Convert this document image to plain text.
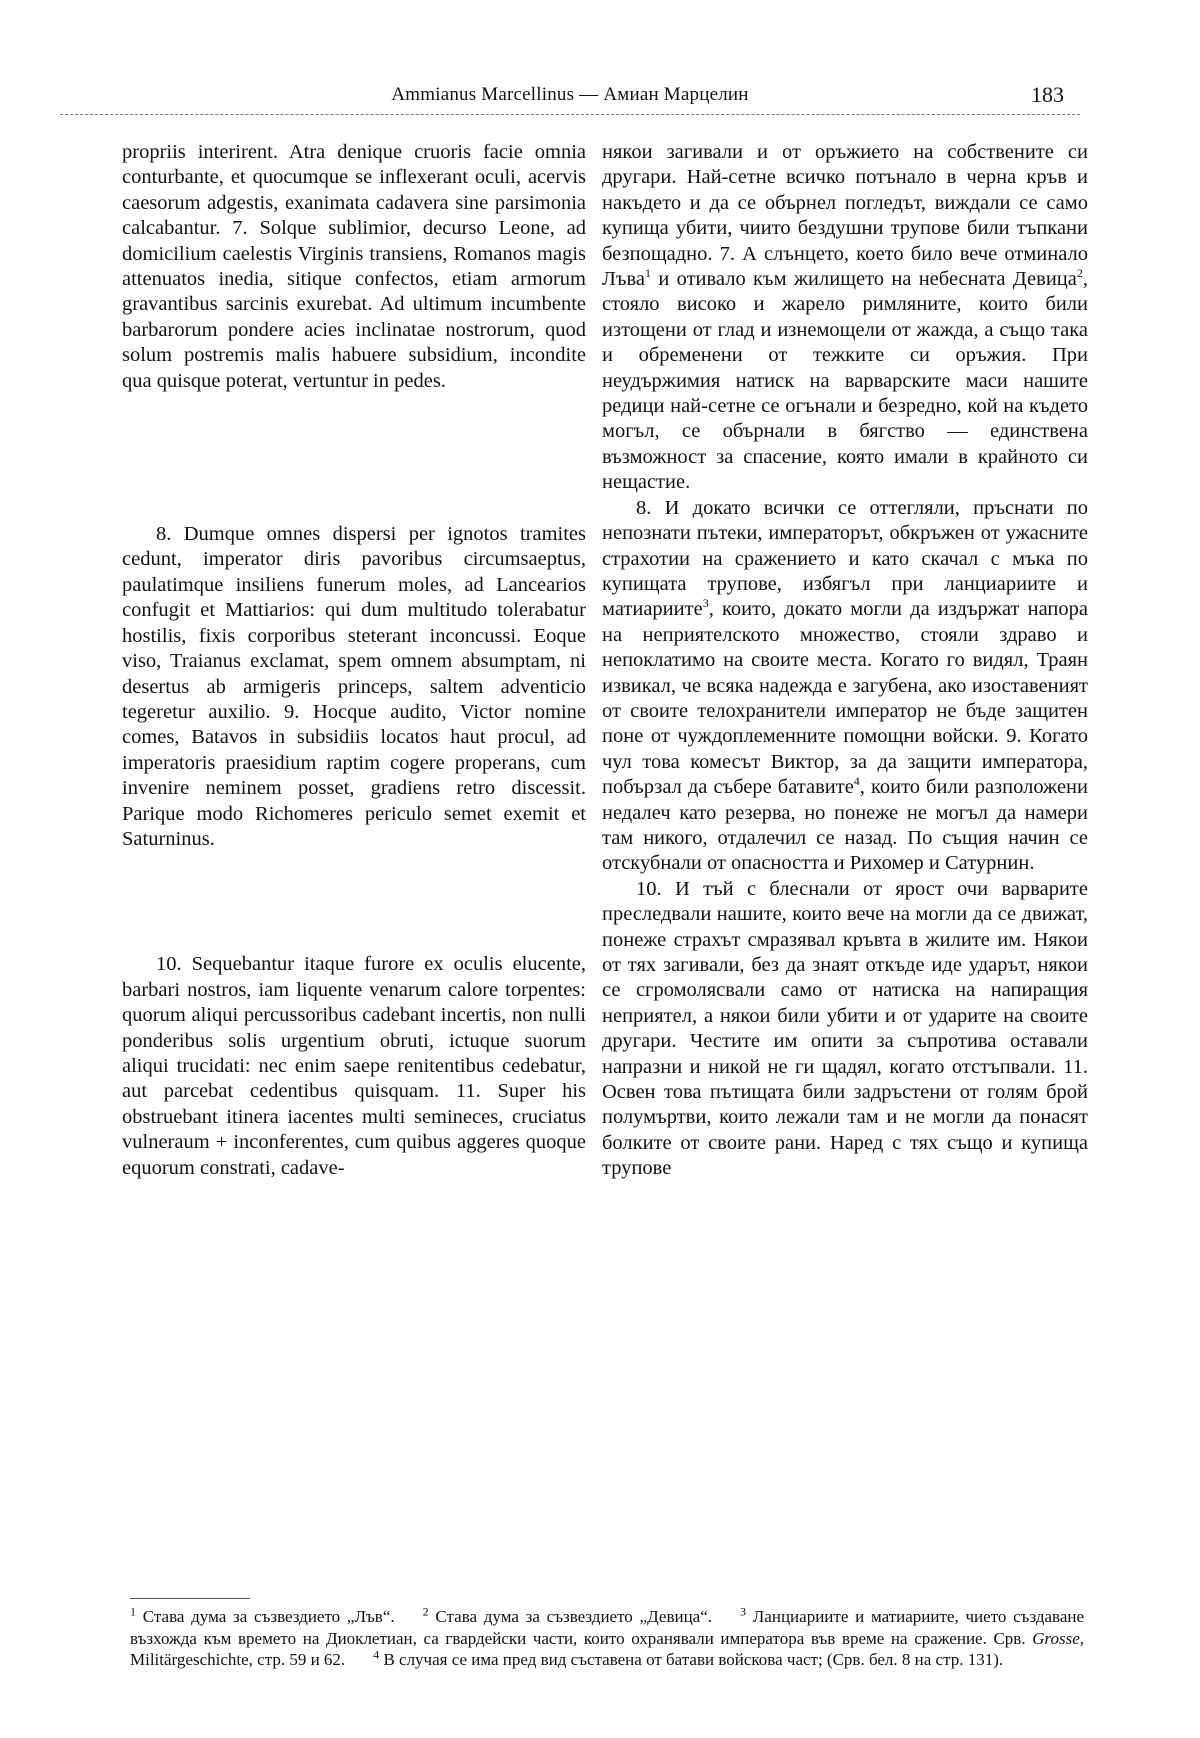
Ammianus Marcellinus — Амиан Марцелин	183

propriis interirent. Atra denique cruoris facie omnia conturbante, et quocumque se inflexerant oculi, acervis caesorum adgestis, exanimata cadavera sine parsimonia calcabantur. 7. Solque sublimior, decurso Leone, ad domicilium caelestis Virginis transiens, Romanos magis attenuatos inedia, sitique confectos, etiam armorum gravantibus sarcinis exurebat. Ad ultimum incumbente barbarorum pondere acies inclinatae nostrorum, quod solum postremis malis habuere subsidium, incondite qua quisque poterat, vertuntur in pedes.

8. Dumque omnes dispersi per ignotos tramites cedunt, imperator diris pavoribus circumsaeptus, paulatimque insiliens funerum moles, ad Lancearios confugit et Mattiarios: qui dum multitudo tolerabatur hostilis, fixis corporibus steterant inconcussi. Eoque viso, Traianus exclamat, spem omnem absumptam, ni desertus ab armigeris princeps, saltem adventicio tegeretur auxilio. 9. Hocque audito, Victor nomine comes, Batavos in subsidiis locatos haut procul, ad imperatoris praesidium raptim cogere properans, cum invenire neminem posset, gradiens retro discessit. Parique modo Richomeres periculo semet exemit et Saturninus.

10. Sequebantur itaque furore ex oculis elucente, barbari nostros, iam liquente venarum calore torpentes: quorum aliqui percussoribus cadebant incertis, non nulli ponderibus solis urgentium obruti, ictuque suorum aliqui trucidati: nec enim saepe renitentibus cedebatur, aut parcebat cedentibus quisquam. 11. Super his obstruebant itinera iacentes multi semineces, cruciatus vulneraum + inconferentes, cum quibus aggeres quoque equorum constrati, cadave-

някои загивали и от оръжието на собствените си другари. Най-сетне всичко потънало в черна кръв и накъдето и да се обърнел погледът, виждали се само купища убити, чиито бездушни трупове били тъпкани безпощадно. 7. А слънцето, което било вече отминало Лъва$^1$ и отивало към жилището на небесната Девица$^2$, стояло високо и жарело римляните, които били изтощени от глад и изнемощели от жажда, а също така и обременени от тежките си оръжия. При неудържимия натиск на варварските маси нашите редици най-сетне се огънали и безредно, кой на където могъл, се обърнали в бягство — единствена възможност за спасение, която имали в крайното си нещастие.

8. И докато всички се оттегляли, пръснати по непознати пътеки, императорът, обкръжен от ужасните страхотии на сражението и като скачал с мъка по купищата трупове, избягъл при ланциариите и матиариите$^3$, които, докато могли да издържат напора на неприятелското множество, стояли здраво и непоклатимо на своите места. Когато го видял, Траян извикал, че всяка надежда е загубена, ако изоставеният от своите телохранители император не бъде защитен поне от чуждоплеменните помощни войски. 9. Когато чул това комесът Виктор, за да защити императора, побързал да събере батавите$^4$, които били разположени недалеч като резерва, но понеже не могъл да намери там никого, отдалечил се назад. По същия начин се отскубнали от опасността и Рихомер и Сатурнин.

10. И тъй с блеснали от ярост очи варварите преследвали нашите, които вече на могли да се движат, понеже страхът смразявал кръвта в жилите им. Някои от тях загивали, без да знаят откъде иде ударът, някои се сгромолясвали само от натиска на напиращия неприятел, а някои били убити и от ударите на своите другари. Честите им опити за съпротива оставали напразни и никой не ги щадял, когато отстъпвали. 11. Освен това пътищата били задръстени от голям брой полумъртви, които лежали там и не могли да понасят болките от своите рани. Наред с тях също и купища трупове

$^1$ Става дума за съзвездието „Лъв“. $^2$ Става дума за съзвездието „Девица“. $^3$ Ланциариите и матиариите, чието създаване възхожда към времето на Диоклетиан, са гвардейски части, които охранявали императора във време на сражение. Срв. Grosse, Militärgeschichte, стр. 59 и 62. $^4$ В случая се има пред вид съставена от батави войскова част; (Срв. бел. 8 на стр. 131).
